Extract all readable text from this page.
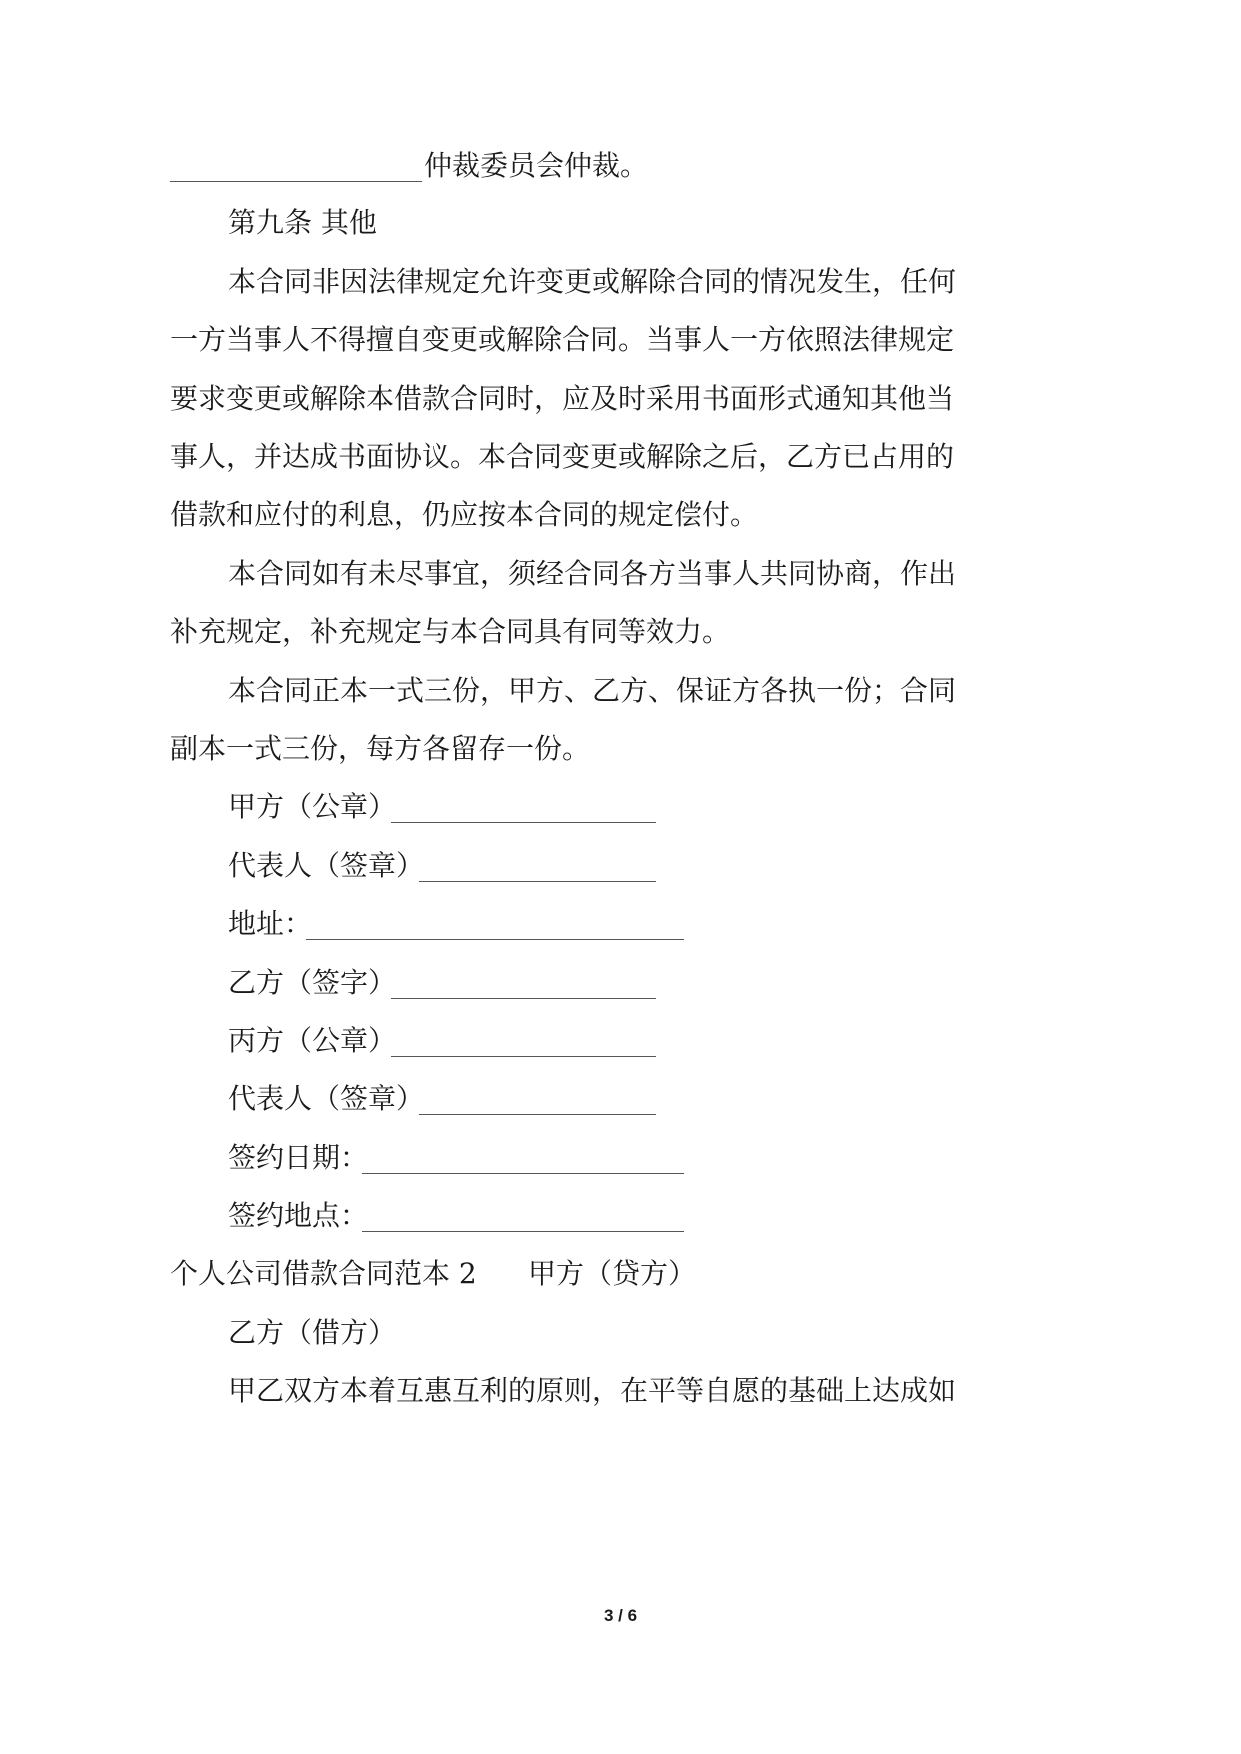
仲裁委员会仲裁。
第九条 其他
本合同非因法律规定允许变更或解除合同的情况发生，任何
一方当事人不得擅自变更或解除合同。当事人一方依照法律规定
要求变更或解除本借款合同时，应及时采用书面形式通知其他当
事人，并达成书面协议。本合同变更或解除之后，乙方已占用的
借款和应付的利息，仍应按本合同的规定偿付。
本合同如有未尽事宜，须经合同各方当事人共同协商，作出
补充规定，补充规定与本合同具有同等效力。
本合同正本一式三份，甲方、乙方、保证方各执一份；合同
副本一式三份，每方各留存一份。
甲方（公章）
代表人（签章）
地址：
乙方（签字）
丙方（公章）
代表人（签章）
签约日期：
签约地点：
个人公司借款合同范本 2 甲方（贷方）
乙方（借方）
甲乙双方本着互惠互利的原则，在平等自愿的基础上达成如
3 / 6
